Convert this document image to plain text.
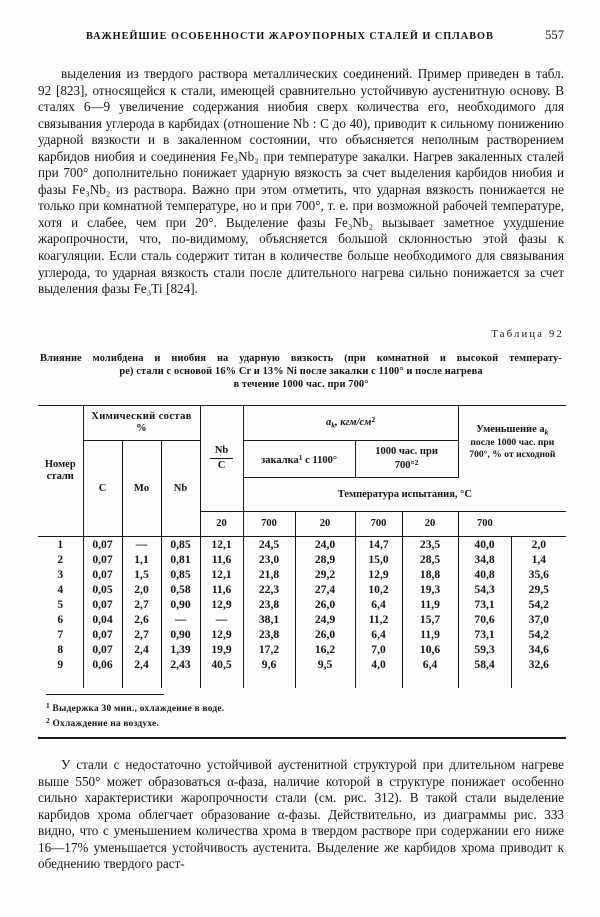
ВАЖНЕЙШИЕ ОСОБЕННОСТИ ЖАРОУПОРНЫХ СТАЛЕЙ И СПЛАВОВ	557

выделения из твердого раствора металлических соединений. Пример приведен в табл. 92 [823], относящейся к стали, имеющей сравнительно устойчивую аустенитную основу. В сталях 6—9 увеличение содержания ниобия сверх количества его, необходимого для связывания углерода в карбидах (отношение Nb : C до 40), приводит к сильному понижению ударной вязкости и в закаленном состоянии, что объясняется неполным растворением карбидов ниобия и соединения Fe₃Nb₂ при температуре закалки. Нагрев закаленных сталей при 700° дополнительно понижает ударную вязкость за счет выделения карбидов ниобия и фазы Fe₃Nb₂ из раствора. Важно при этом отметить, что ударная вязкость понижается не только при комнатной температуре, но и при 700°, т. е. при возможной рабочей температуре, хотя и слабее, чем при 20°. Выделение фазы Fe₃Nb₂ вызывает заметное ухудшение жаропрочности, что, по-видимому, объясняется большой склонностью этой фазы к коагуляции. Если сталь содержит титан в количестве больше необходимого для связывания углерода, то ударная вязкость стали после длительного нагрева сильно понижается за счет выделения фазы Fe₃Ti [824].

Таблица 92
Влияние молибдена и ниобия на ударную вязкость (при комнатной и высокой температу-
ре) стали с основой 16% Cr и 13% Ni после закалки с 1100° и после нагрева
в течение 1000 час. при 700°
Номер
стали

Химический состав
%

$\frac{Nb}{C}$
	$a_k$, кгм/$см^2$	
Уменьшение $a_k$
после 1000 час. при
700°, % от исходной

	C	Mo	Nb		закалка$^1$ с 1100°		1000 час. при
700°$^2$

					Температура испытания, °С					
				20	700	20	700	20	700	
1	0,07	—	0,85	12,1	24,5	24,0	14,7	23,5	40,0	2,0
2	0,07	1,1	0,81	11,6	23,0	28,9	15,0	28,5	34,8	1,4
3	0,07	1,5	0,85	12,1	21,8	29,2	12,9	18,8	40,8	35,6
4	0,05	2,0	0,58	11,6	22,3	27,4	10,2	19,3	54,3	29,5
5	0,07	2,7	0,90	12,9	23,8	26,0	6,4	11,9	73,1	54,2
6	0,04	2,6	—	—	38,1	24,9	11,2	15,7	70,6	37,0
7	0,07	2,7	0,90	12,9	23,8	26,0	6,4	11,9	73,1	54,2
8	0,07	2,4	1,39	19,9	17,2	16,2	7,0	10,6	59,3	34,6
9	0,06	2,4	2,43	40,5	9,6	9,5	4,0	6,4	58,4	32,6

$^1$ Выдержка 30 мин., охлаждение в воде.
$^2$ Охлаждение на воздухе.

У стали с недостаточно устойчивой аустенитной структурой при длительном нагреве выше 550° может образоваться α-фаза, наличие которой в структуре понижает особенно сильно характеристики жаропрочности стали (см. рис. 312). В такой стали выделение карбидов хрома облегчает образование α-фазы. Действительно, из диаграммы рис. 333 видно, что с уменьшением количества хрома в твердом растворе при содержании его ниже 16—17% уменьшается устойчивость аустенита. Выделение же карбидов хрома приводит к обеднению твердого раст-
